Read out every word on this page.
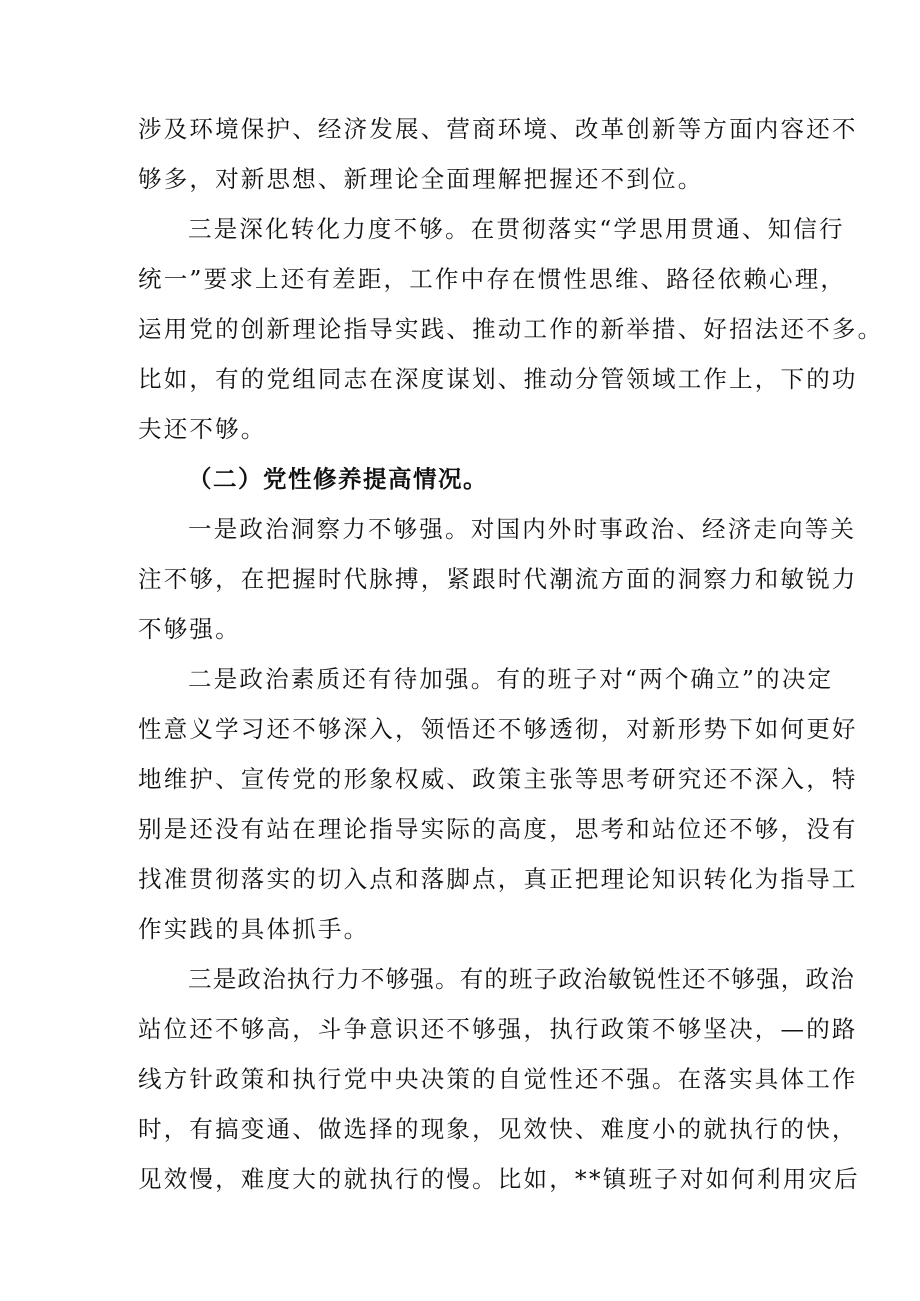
涉及环境保护、经济发展、营商环境、改革创新等方面内容还不
够多，对新思想、新理论全面理解把握还不到位。
三是深化转化力度不够。在贯彻落实“学思用贯通、知信行
统一”要求上还有差距，工作中存在惯性思维、路径依赖心理，
运用党的创新理论指导实践、推动工作的新举措、好招法还不多。
比如，有的党组同志在深度谋划、推动分管领域工作上，下的功
夫还不够。
（二）党性修养提高情况。
一是政治洞察力不够强。对国内外时事政治、经济走向等关
注不够，在把握时代脉搏，紧跟时代潮流方面的洞察力和敏锐力
不够强。
二是政治素质还有待加强。有的班子对“两个确立”的决定
性意义学习还不够深入，领悟还不够透彻，对新形势下如何更好
地维护、宣传党的形象权威、政策主张等思考研究还不深入，特
别是还没有站在理论指导实际的高度，思考和站位还不够，没有
找准贯彻落实的切入点和落脚点，真正把理论知识转化为指导工
作实践的具体抓手。
三是政治执行力不够强。有的班子政治敏锐性还不够强，政治
站位还不够高，斗争意识还不够强，执行政策不够坚决，—的路
线方针政策和执行党中央决策的自觉性还不强。在落实具体工作
时，有搞变通、做选择的现象，见效快、难度小的就执行的快，
见效慢，难度大的就执行的慢。比如，**镇班子对如何利用灾后
